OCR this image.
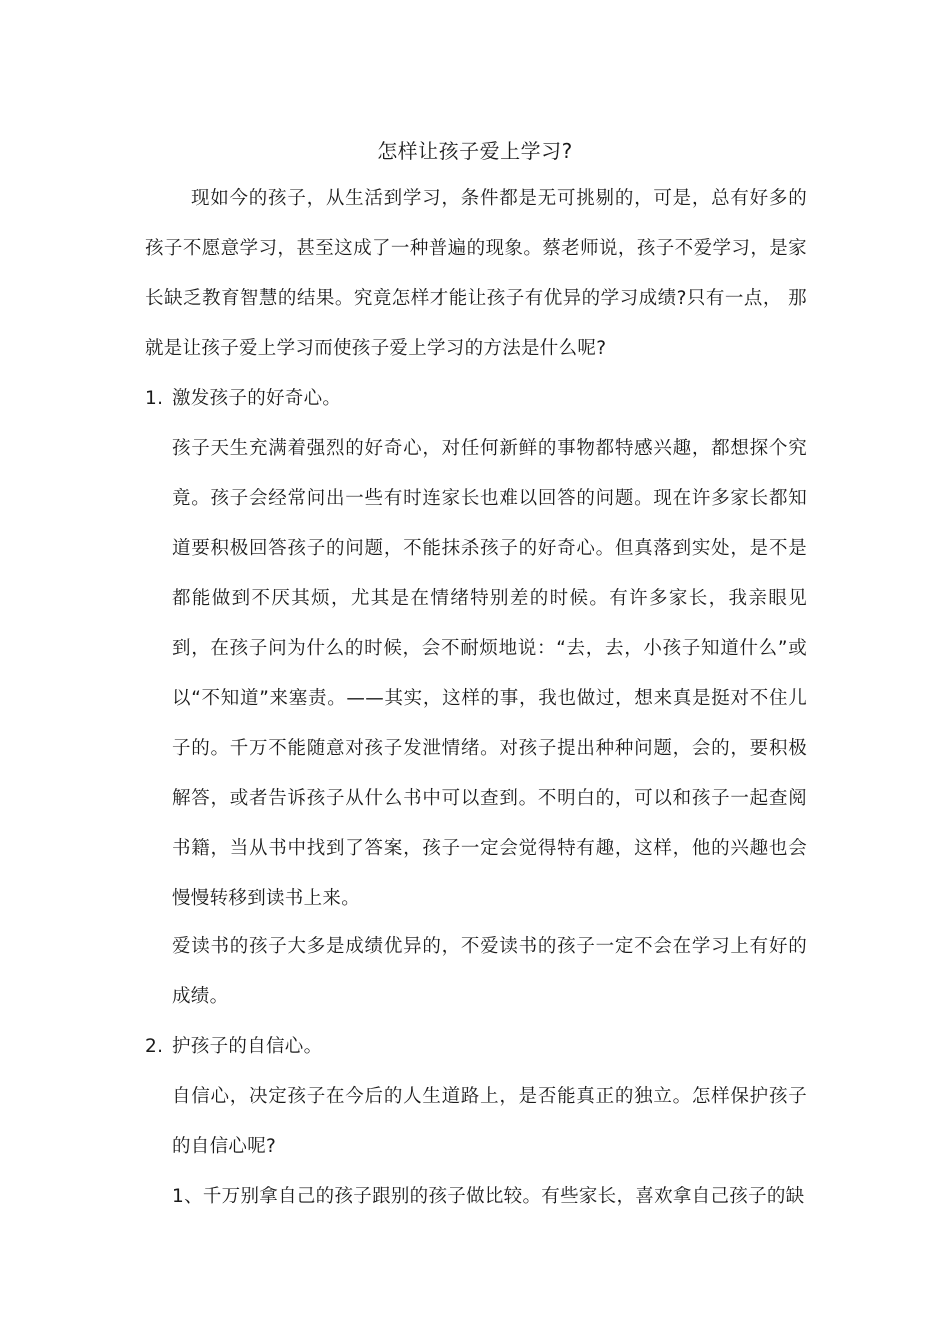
怎样让孩子爱上学习?

现如今的孩子，从生活到学习，条件都是无可挑剔的，可是，总有好多的孩子不愿意学习，甚至这成了一种普遍的现象。蔡老师说，孩子不爱学习，是家长缺乏教育智慧的结果。究竟怎样才能让孩子有优异的学习成绩?只有一点， 那就是让孩子爱上学习而使孩子爱上学习的方法是什么呢?

1. 激发孩子的好奇心。

孩子天生充满着强烈的好奇心，对任何新鲜的事物都特感兴趣，都想探个究竟。孩子会经常问出一些有时连家长也难以回答的问题。现在许多家长都知道要积极回答孩子的问题，不能抹杀孩子的好奇心。但真落到实处，是不是都能做到不厌其烦，尤其是在情绪特别差的时候。有许多家长，我亲眼见到，在孩子问为什么的时候，会不耐烦地说：“去，去，小孩子知道什么”或以“不知道”来塞责。——其实，这样的事，我也做过，想来真是挺对不住儿子的。千万不能随意对孩子发泄情绪。对孩子提出种种问题，会的，要积极解答，或者告诉孩子从什么书中可以查到。不明白的，可以和孩子一起查阅书籍，当从书中找到了答案，孩子一定会觉得特有趣，这样，他的兴趣也会慢慢转移到读书上来。

爱读书的孩子大多是成绩优异的，不爱读书的孩子一定不会在学习上有好的成绩。

2. 护孩子的自信心。

自信心，决定孩子在今后的人生道路上，是否能真正的独立。怎样保护孩子的自信心呢?

1、千万别拿自己的孩子跟别的孩子做比较。有些家长，喜欢拿自己孩子的缺
